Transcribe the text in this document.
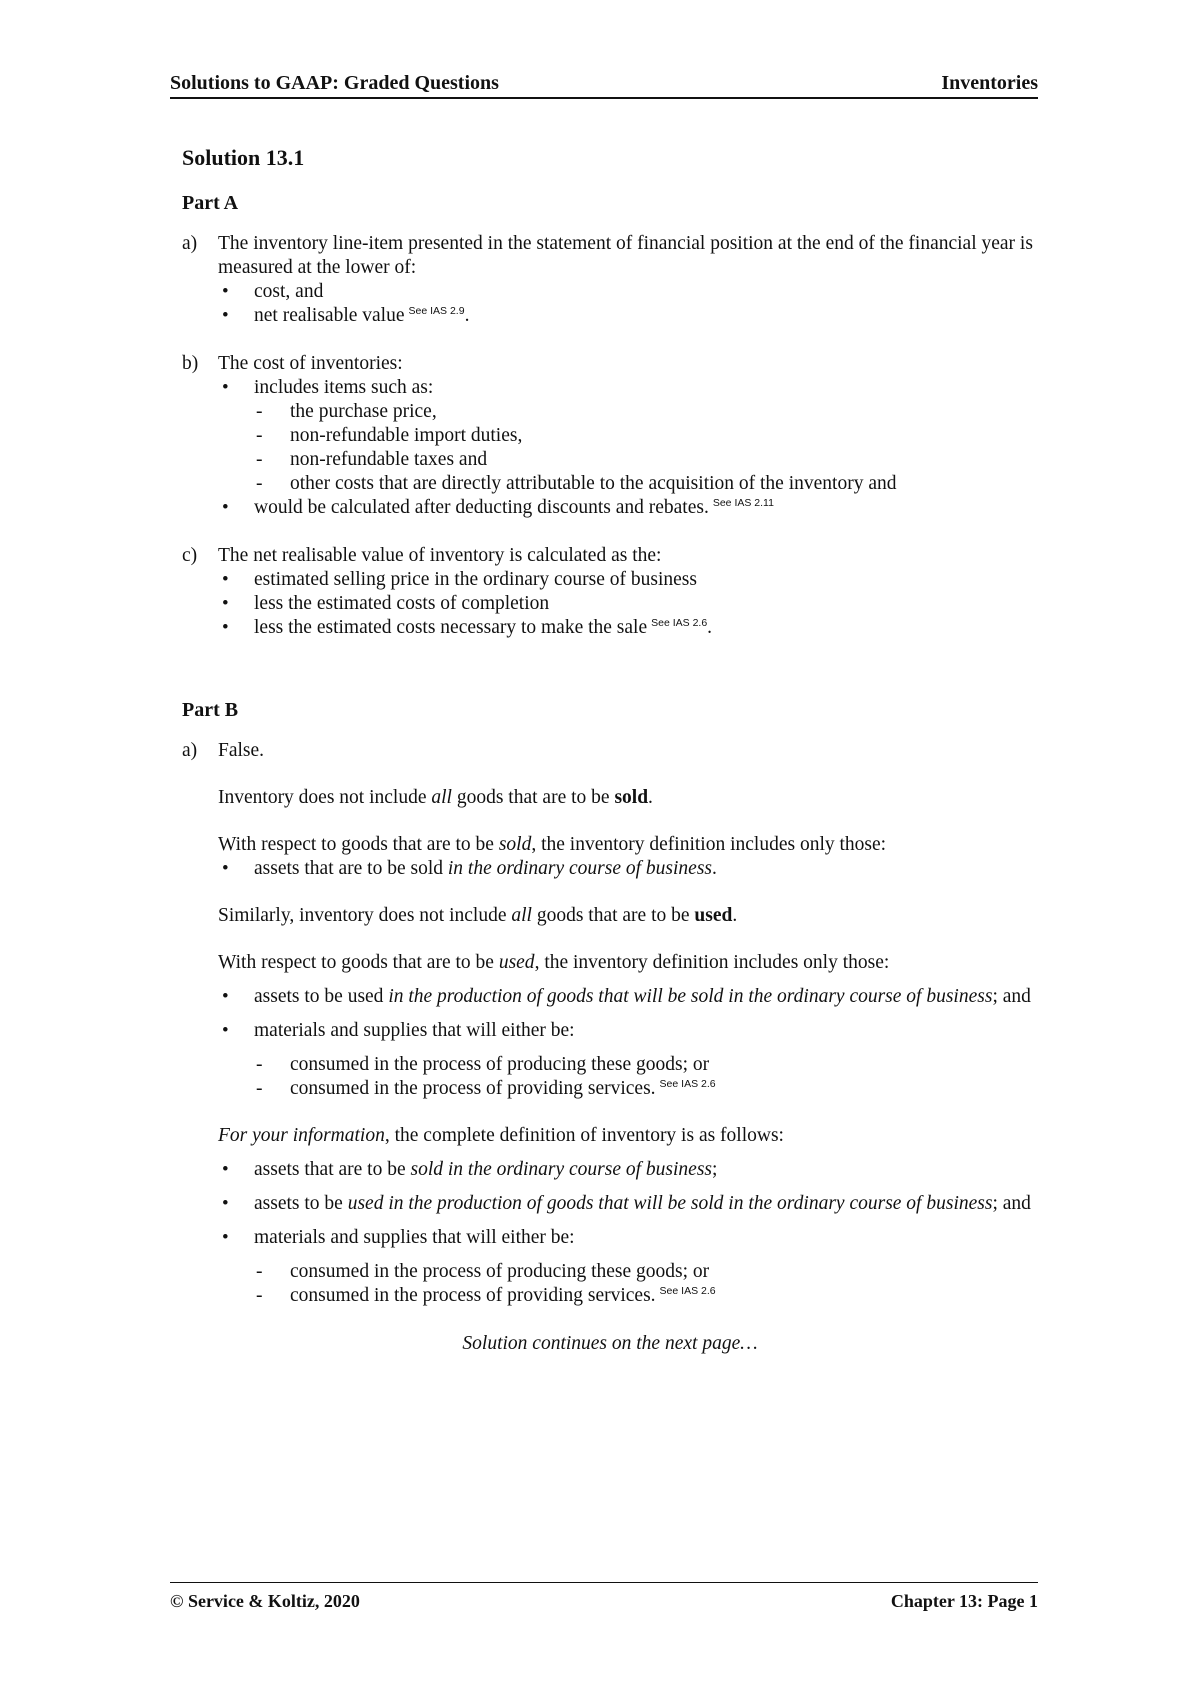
Solutions to GAAP: Graded Questions	Inventories
Solution 13.1
Part A
a) The inventory line-item presented in the statement of financial position at the end of the financial year is measured at the lower of:

• cost, and
• net realisable value $^{See IAS 2.9}$.
b) The cost of inventories:

• includes items such as:
- the purchase price,
- non-refundable import duties,
- non-refundable taxes and
- other costs that are directly attributable to the acquisition of the inventory and
• would be calculated after deducting discounts and rebates. $^{See IAS 2.11}$
c) The net realisable value of inventory is calculated as the:

• estimated selling price in the ordinary course of business
• less the estimated costs of completion
• less the estimated costs necessary to make the sale $^{See IAS 2.6}$.
Part B
a) False.

Inventory does not include all goods that are to be sold.

With respect to goods that are to be sold, the inventory definition includes only those:

• assets that are to be sold in the ordinary course of business.

Similarly, inventory does not include all goods that are to be used.

With respect to goods that are to be used, the inventory definition includes only those:

• assets to be used in the production of goods that will be sold in the ordinary course of business; and
• materials and supplies that will either be:
- consumed in the process of producing these goods; or
- consumed in the process of providing services. $^{See IAS 2.6}$

For your information, the complete definition of inventory is as follows:

• assets that are to be sold in the ordinary course of business;
• assets to be used in the production of goods that will be sold in the ordinary course of business; and
• materials and supplies that will either be:
- consumed in the process of producing these goods; or
- consumed in the process of providing services. $^{See IAS 2.6}$

Solution continues on the next page…

© Service & Koltiz, 2020	Chapter 13: Page 1
